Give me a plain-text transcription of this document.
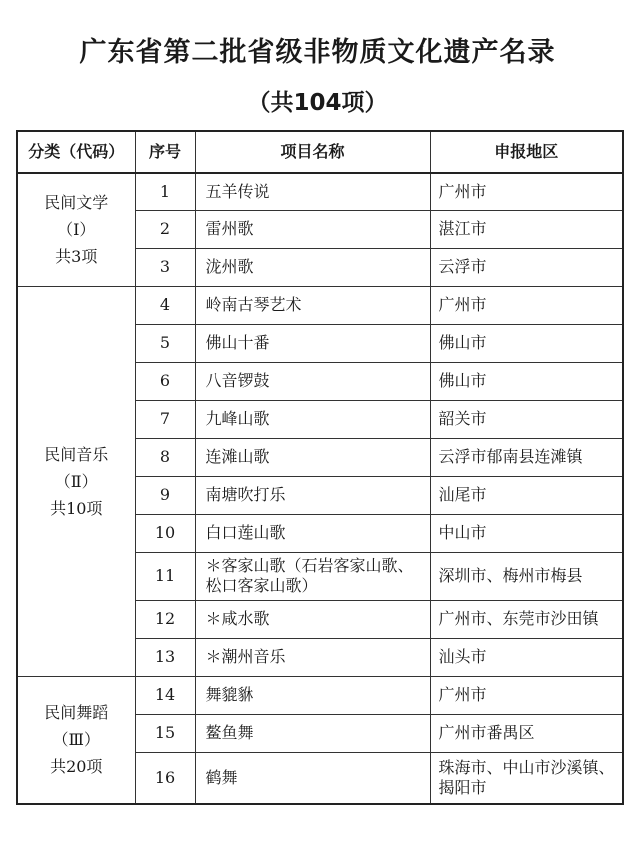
广东省第二批省级非物质文化遗产名录
（共104项）
分类（代码）	序号	项目名称	申报地区

民间文学
（Ⅰ）
共3项	1	五羊传说	广州市
	2	雷州歌	湛江市
	3	泷州歌	云浮市

民间音乐
（Ⅱ）
共10项	4	岭南古琴艺术	广州市
	5	佛山十番	佛山市
	6	八音锣鼓	佛山市
	7	九峰山歌	韶关市
	8	连滩山歌	云浮市郁南县连滩镇
	9	南塘吹打乐	汕尾市
	10	白口莲山歌	中山市
	11	＊客家山歌（石岩客家山歌、松口客家山歌）	深圳市、梅州市梅县
	12	＊咸水歌	广州市、东莞市沙田镇
	13	＊潮州音乐	汕头市

民间舞蹈
（Ⅲ）
共20项	14	舞貔貅	广州市
	15	鳌鱼舞	广州市番禺区
	16	鹤舞	珠海市、中山市沙溪镇、揭阳市
